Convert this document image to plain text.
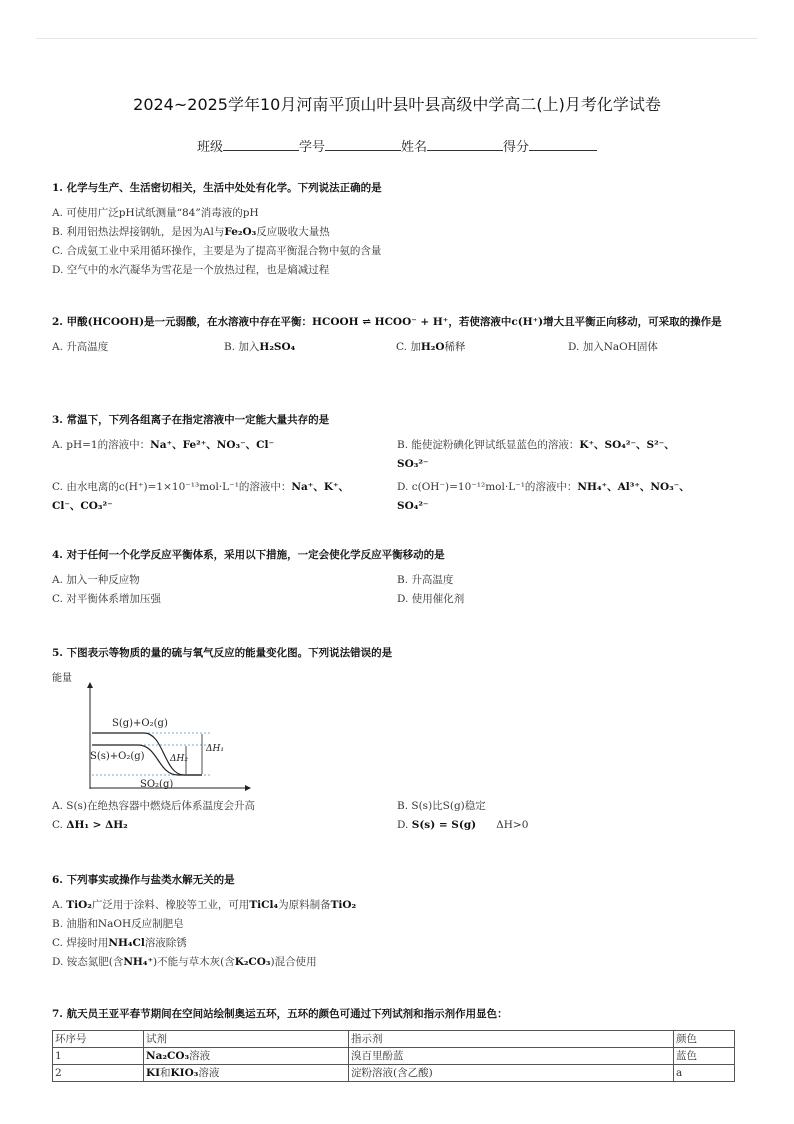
2024~2025学年10月河南平顶山叶县叶县高级中学高二(上)月考化学试卷
班级	学号	姓名	得分
1. 化学与生产、生活密切相关，生活中处处有化学。下列说法正确的是
A. 可使用广泛pH试纸测量“84”消毒液的pH
B. 利用铝热法焊接钢轨，是因为Al与Fe₂O₃反应吸收大量热
C. 合成氨工业中采用循环操作，主要是为了提高平衡混合物中氨的含量
D. 空气中的水汽凝华为雪花是一个放热过程，也是熵减过程
2. 甲酸(HCOOH)是一元弱酸，在水溶液中存在平衡：HCOOH ⇌ HCOO⁻ + H⁺，若使溶液中c(H⁺)增大且平衡正向移动，可采取的操作是
A. 升高温度	B. 加入H₂SO₄	C. 加H₂O稀释	D. 加入NaOH固体
3. 常温下，下列各组离子在指定溶液中一定能大量共存的是
A. pH=1的溶液中：Na⁺、Fe²⁺、NO₃⁻、Cl⁻	B. 能使淀粉碘化钾试纸显蓝色的溶液：K⁺、SO₄²⁻、S²⁻、
SO₃²⁻
C. 由水电离的c(H⁺)=1×10⁻¹³mol·L⁻¹的溶液中：Na⁺、K⁺、
Cl⁻、CO₃²⁻
D. c(OH⁻)=10⁻¹²mol·L⁻¹的溶液中：NH₄⁺、Al³⁺、NO₃⁻、
SO₄²⁻
4. 对于任何一个化学反应平衡体系，采用以下措施，一定会使化学反应平衡移动的是
A. 加入一种反应物	B. 升高温度
C. 对平衡体系增加压强	D. 使用催化剂
5. 下图表示等物质的量的硫与氧气反应的能量变化图。下列说法错误的是
能量
S(g)+O₂(g)
S(s)+O₂(g)
SO₂(g)
ΔH₂
ΔH₁
A. S(s)在绝热容器中燃烧后体系温度会升高	B. S(s)比S(g)稳定
C. ΔH₁ > ΔH₂	D. S(s) = S(g) ΔH>0
6. 下列事实或操作与盐类水解无关的是
A. TiO₂广泛用于涂料、橡胶等工业，可用TiCl₄为原料制备TiO₂
B. 油脂和NaOH反应制肥皂
C. 焊接时用NH₄Cl溶液除锈
D. 铵态氮肥(含NH₄⁺)不能与草木灰(含K₂CO₃)混合使用
7. 航天员王亚平春节期间在空间站绘制奥运五环，五环的颜色可通过下列试剂和指示剂作用显色：
环序号	试剂	指示剂	颜色
1	Na₂CO₃溶液	溴百里酚蓝	蓝色
2	KI和KIO₃溶液	淀粉溶液(含乙酸)	a
